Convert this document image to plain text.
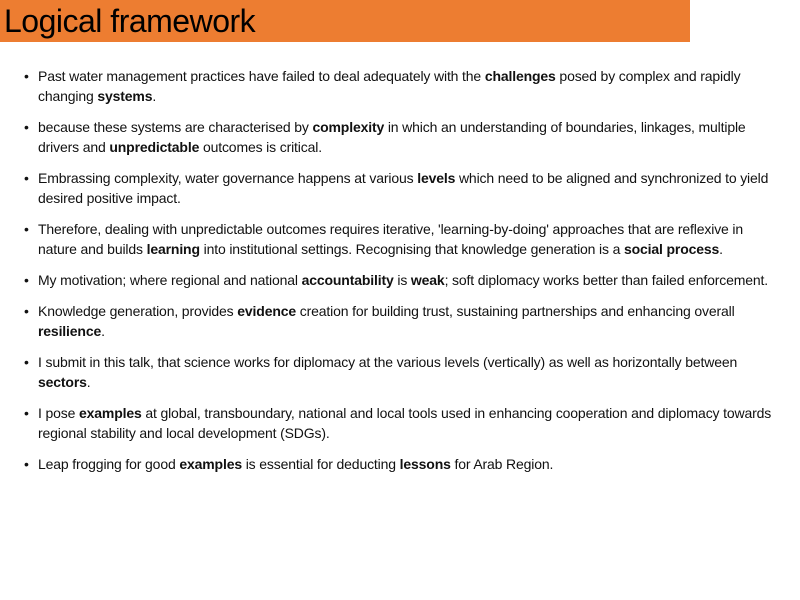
Logical framework
• Past water management practices have failed to deal adequately with the challenges posed by complex and rapidly changing systems.
• because these systems are characterised by complexity in which an understanding of boundaries, linkages, multiple drivers and unpredictable outcomes is critical.
• Embrassing complexity, water governance happens at various levels which need to be aligned and synchronized to yield desired positive impact.
• Therefore, dealing with unpredictable outcomes requires iterative, 'learning-by-doing' approaches that are reflexive in nature and builds learning into institutional settings. Recognising that knowledge generation is a social process.
• My motivation; where regional and national accountability is weak; soft diplomacy works better than failed enforcement.
• Knowledge generation, provides evidence creation for building trust, sustaining partnerships and enhancing overall resilience.
• I submit in this talk, that science works for diplomacy at the various levels (vertically) as well as horizontally between sectors.
• I pose examples at global, transboundary, national and local tools used in enhancing cooperation and diplomacy towards regional stability and local development (SDGs).
• Leap frogging for good examples is essential for deducting lessons for Arab Region.
